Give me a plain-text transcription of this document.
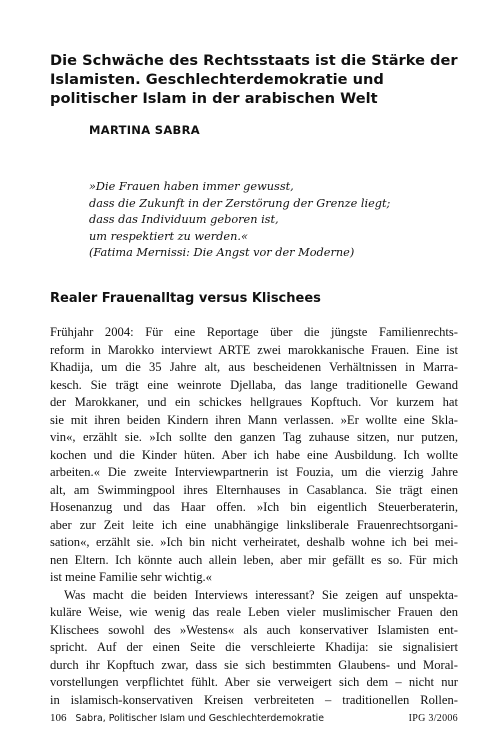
Die Schwäche des Rechtsstaats ist die Stärke der Islamisten. Geschlechterdemokratie und politischer Islam in der arabischen Welt
MARTINA SABRA
»Die Frauen haben immer gewusst,
dass die Zukunft in der Zerstörung der Grenze liegt;
dass das Individuum geboren ist,
um respektiert zu werden.«
(Fatima Mernissi: Die Angst vor der Moderne)
Realer Frauenalltag versus Klischees
Frühjahr 2004: Für eine Reportage über die jüngste Familienrechts-
reform in Marokko interviewt ARTE zwei marokkanische Frauen. Eine ist
Khadija, um die 35 Jahre alt, aus bescheidenen Verhältnissen in Marra-
kesch. Sie trägt eine weinrote Djellaba, das lange traditionelle Gewand
der Marokkaner, und ein schickes hellgraues Kopftuch. Vor kurzem hat
sie mit ihren beiden Kindern ihren Mann verlassen. »Er wollte eine Skla-
vin«, erzählt sie. »Ich sollte den ganzen Tag zuhause sitzen, nur putzen,
kochen und die Kinder hüten. Aber ich habe eine Ausbildung. Ich wollte
arbeiten.« Die zweite Interviewpartnerin ist Fouzia, um die vierzig Jahre
alt, am Swimmingpool ihres Elternhauses in Casablanca. Sie trägt einen
Hosenanzug und das Haar offen. »Ich bin eigentlich Steuerberaterin,
aber zur Zeit leite ich eine unabhängige linksliberale Frauenrechtsorgani-
sation«, erzählt sie. »Ich bin nicht verheiratet, deshalb wohne ich bei mei-
nen Eltern. Ich könnte auch allein leben, aber mir gefällt es so. Für mich
ist meine Familie sehr wichtig.«
Was macht die beiden Interviews interessant? Sie zeigen auf unspekta-
kuläre Weise, wie wenig das reale Leben vieler muslimischer Frauen den
Klischees sowohl des »Westens« als auch konservativer Islamisten ent-
spricht. Auf der einen Seite die verschleierte Khadija: sie signalisiert
durch ihr Kopftuch zwar, dass sie sich bestimmten Glaubens- und Moral-
vorstellungen verpflichtet fühlt. Aber sie verweigert sich dem – nicht nur
in islamisch-konservativen Kreisen verbreiteten – traditionellen Rollen-
106 Sabra, Politischer Islam und Geschlechterdemokratie	IPG 3/2006
